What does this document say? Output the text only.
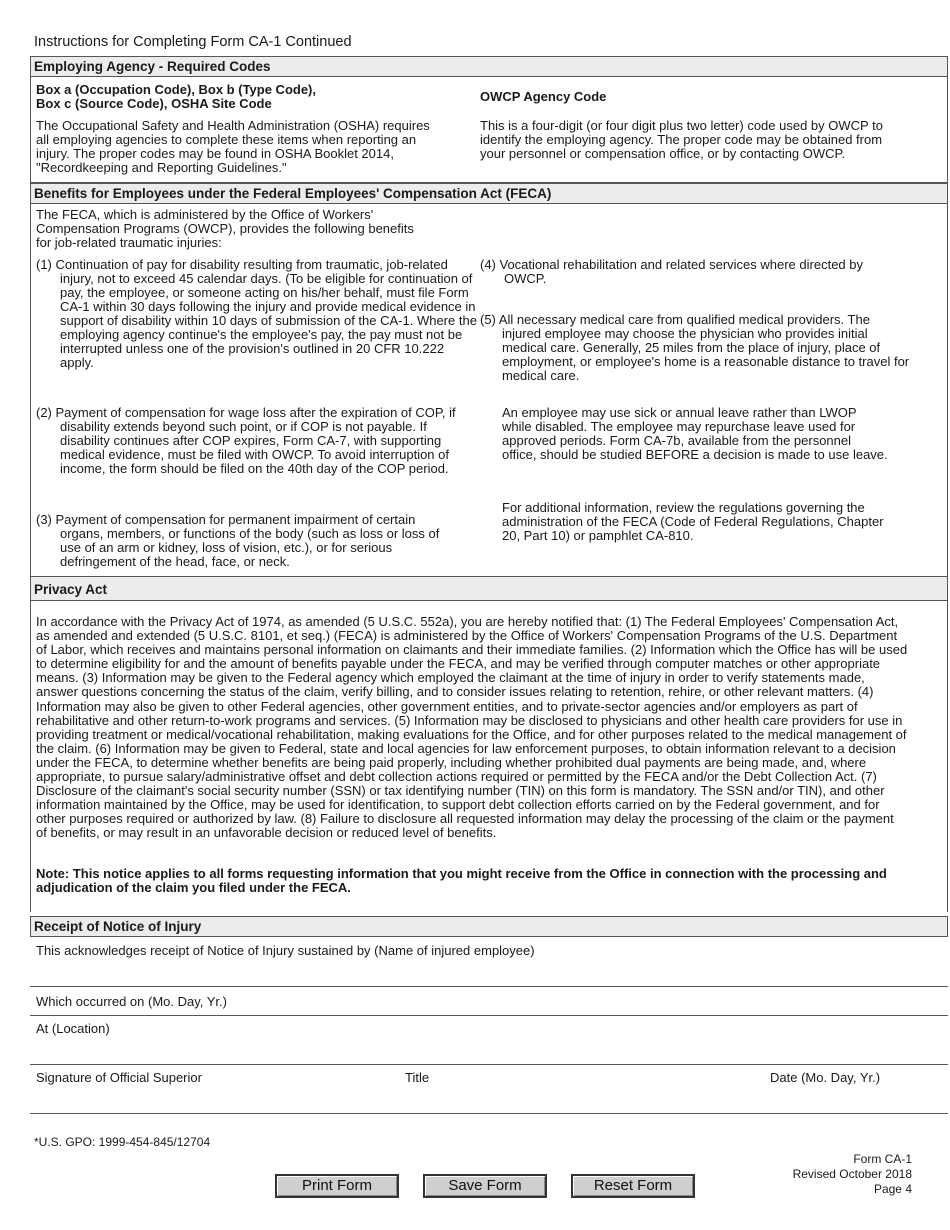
Instructions for Completing Form CA-1 Continued
Employing Agency - Required Codes
Box a (Occupation Code), Box b (Type Code),
Box c (Source Code), OSHA Site Code
The Occupational Safety and Health Administration (OSHA) requires all employing agencies to complete these items when reporting an injury. The proper codes may be found in OSHA Booklet 2014, "Recordkeeping and Reporting Guidelines."
OWCP Agency Code
This is a four-digit (or four digit plus two letter) code used by OWCP to identify the employing agency. The proper code may be obtained from your personnel or compensation office, or by contacting OWCP.
Benefits for Employees under the Federal Employees' Compensation Act (FECA)
The FECA, which is administered by the Office of Workers' Compensation Programs (OWCP), provides the following benefits for job-related traumatic injuries:
(1) Continuation of pay for disability resulting from traumatic, job-related injury, not to exceed 45 calendar days. (To be eligible for continuation of pay, the employee, or someone acting on his/her behalf, must file Form CA-1 within 30 days following the injury and provide medical evidence in support of disability within 10 days of submission of the CA-1. Where the employing agency continue's the employee's pay, the pay must not be interrupted unless one of the provision's outlined in 20 CFR 10.222 apply.
(2) Payment of compensation for wage loss after the expiration of COP, if disability extends beyond such point, or if COP is not payable. If disability continues after COP expires, Form CA-7, with supporting medical evidence, must be filed with OWCP. To avoid interruption of income, the form should be filed on the 40th day of the COP period.
(3) Payment of compensation for permanent impairment of certain organs, members, or functions of the body (such as loss or loss of use of an arm or kidney, loss of vision, etc.), or for serious defringement of the head, face, or neck.
(4) Vocational rehabilitation and related services where directed by OWCP.
(5) All necessary medical care from qualified medical providers. The injured employee may choose the physician who provides initial medical care. Generally, 25 miles from the place of injury, place of employment, or employee's home is a reasonable distance to travel for medical care.
An employee may use sick or annual leave rather than LWOP while disabled. The employee may repurchase leave used for approved periods. Form CA-7b, available from the personnel office, should be studied BEFORE a decision is made to use leave.
For additional information, review the regulations governing the administration of the FECA (Code of Federal Regulations, Chapter 20, Part 10) or pamphlet CA-810.
Privacy Act
In accordance with the Privacy Act of 1974, as amended (5 U.S.C. 552a), you are hereby notified that: (1) The Federal Employees' Compensation Act, as amended and extended (5 U.S.C. 8101, et seq.) (FECA) is administered by the Office of Workers' Compensation Programs of the U.S. Department of Labor, which receives and maintains personal information on claimants and their immediate families. (2) Information which the Office has will be used to determine eligibility for and the amount of benefits payable under the FECA, and may be verified through computer matches or other appropriate means. (3) Information may be given to the Federal agency which employed the claimant at the time of injury in order to verify statements made, answer questions concerning the status of the claim, verify billing, and to consider issues relating to retention, rehire, or other relevant matters. (4) Information may also be given to other Federal agencies, other government entities, and to private-sector agencies and/or employers as part of rehabilitative and other return-to-work programs and services. (5) Information may be disclosed to physicians and other health care providers for use in providing treatment or medical/vocational rehabilitation, making evaluations for the Office, and for other purposes related to the medical management of the claim. (6) Information may be given to Federal, state and local agencies for law enforcement purposes, to obtain information relevant to a decision under the FECA, to determine whether benefits are being paid properly, including whether prohibited dual payments are being made, and, where appropriate, to pursue salary/administrative offset and debt collection actions required or permitted by the FECA and/or the Debt Collection Act. (7) Disclosure of the claimant's social security number (SSN) or tax identifying number (TIN) on this form is mandatory. The SSN and/or TIN), and other information maintained by the Office, may be used for identification, to support debt collection efforts carried on by the Federal government, and for other purposes required or authorized by law. (8) Failure to disclosure all requested information may delay the processing of the claim or the payment of benefits, or may result in an unfavorable decision or reduced level of benefits.
Note: This notice applies to all forms requesting information that you might receive from the Office in connection with the processing and adjudication of the claim you filed under the FECA.
Receipt of Notice of Injury
This acknowledges receipt of Notice of Injury sustained by (Name of injured employee)
Which occurred on (Mo. Day, Yr.)
At (Location)
Signature of Official Superior	Title	Date (Mo. Day, Yr.)
*U.S. GPO: 1999-454-845/12704
Form CA-1
Revised October 2018
Page 4
Print Form	Save Form	Reset Form
